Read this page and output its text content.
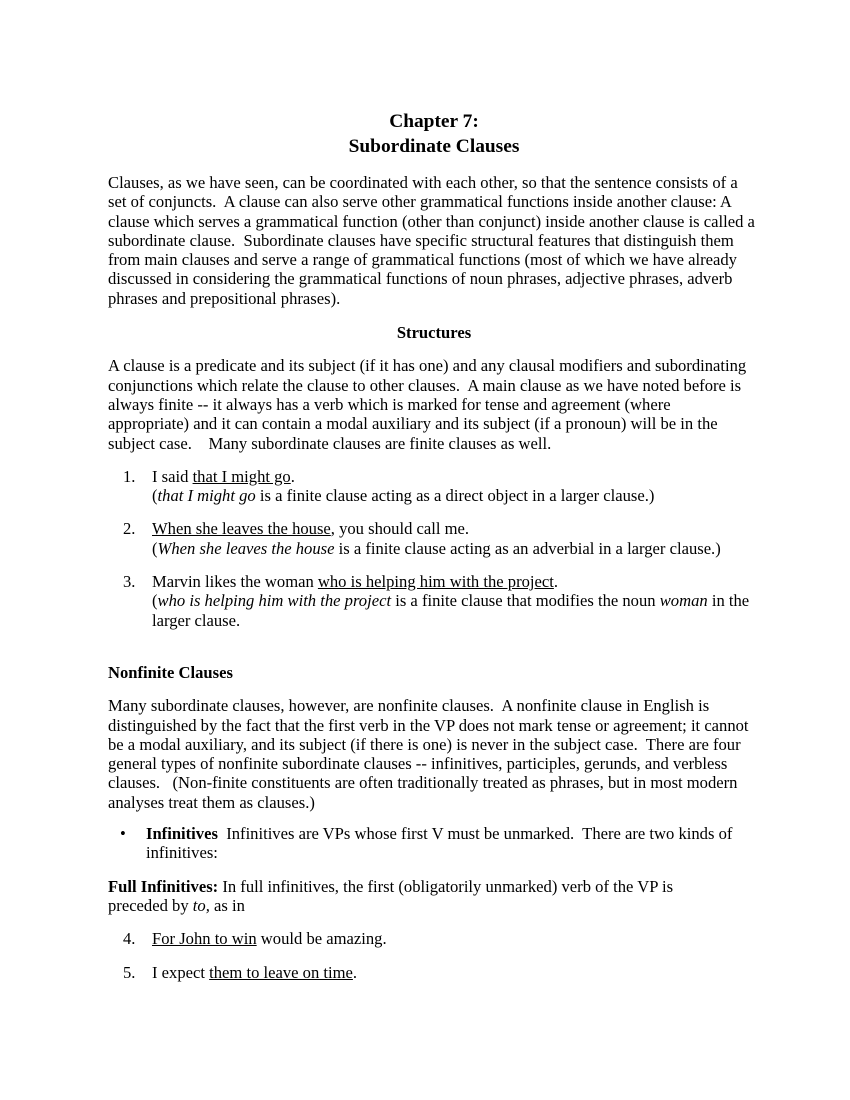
Chapter 7:
Subordinate Clauses
Clauses, as we have seen, can be coordinated with each other, so that the sentence consists of a
set of conjuncts.  A clause can also serve other grammatical functions inside another clause: A
clause which serves a grammatical function (other than conjunct) inside another clause is called a
subordinate clause.  Subordinate clauses have specific structural features that distinguish them
from main clauses and serve a range of grammatical functions (most of which we have already
discussed in considering the grammatical functions of noun phrases, adjective phrases, adverb
phrases and prepositional phrases).
Structures
A clause is a predicate and its subject (if it has one) and any clausal modifiers and subordinating
conjunctions which relate the clause to other clauses.  A main clause as we have noted before is
always finite -- it always has a verb which is marked for tense and agreement (where
appropriate) and it can contain a modal auxiliary and its subject (if a pronoun) will be in the
subject case.    Many subordinate clauses are finite clauses as well.
1. I said that I might go.
(that I might go is a finite clause acting as a direct object in a larger clause.)
2. When she leaves the house, you should call me.
(When she leaves the house is a finite clause acting as an adverbial in a larger clause.)
3. Marvin likes the woman who is helping him with the project.
(who is helping him with the project is a finite clause that modifies the noun woman in the
larger clause.
Nonfinite Clauses
Many subordinate clauses, however, are nonfinite clauses.  A nonfinite clause in English is
distinguished by the fact that the first verb in the VP does not mark tense or agreement; it cannot
be a modal auxiliary, and its subject (if there is one) is never in the subject case.  There are four
general types of nonfinite subordinate clauses -- infinitives, participles, gerunds, and verbless
clauses.   (Non-finite constituents are often traditionally treated as phrases, but in most modern
analyses treat them as clauses.)
•	Infinitives  Infinitives are VPs whose first V must be unmarked.  There are two kinds of
infinitives:
Full Infinitives: In full infinitives, the first (obligatorily unmarked) verb of the VP is
preceded by to, as in
4. For John to win would be amazing.
5. I expect them to leave on time.
